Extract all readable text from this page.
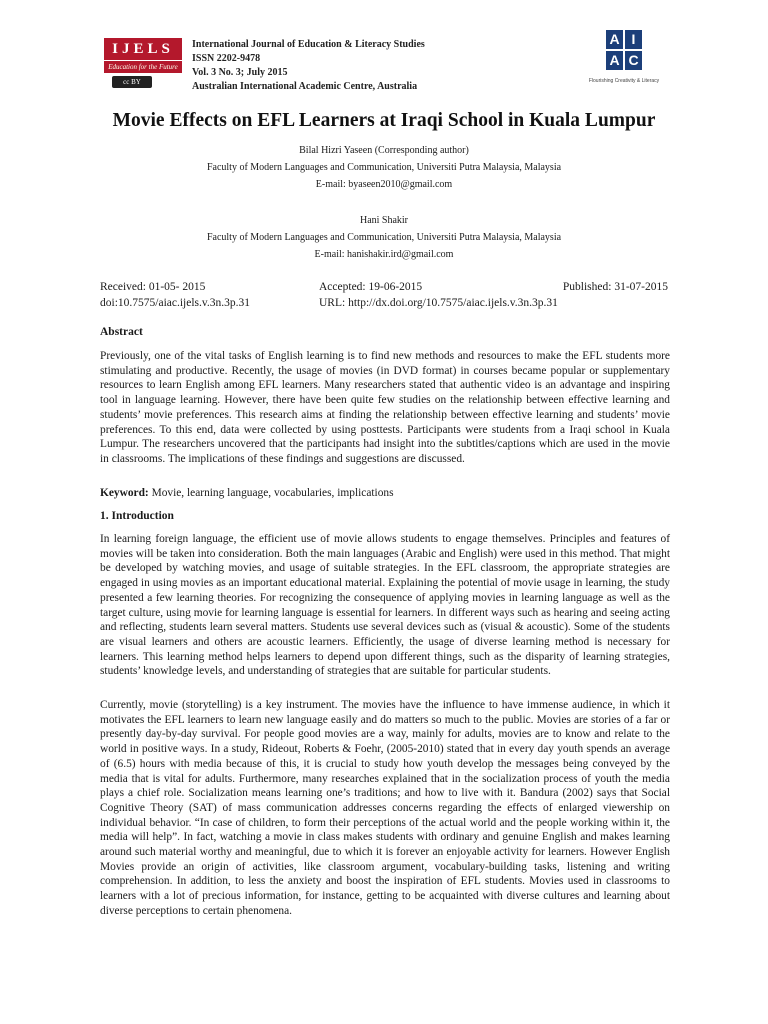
IJELS
Education for the Future
cc BY
International Journal of Education & Literacy Studies
ISSN 2202-9478
Vol. 3 No. 3; July 2015
Australian International Academic Centre, Australia
A I
A C
Flourishing Creativity & Literacy
Movie Effects on EFL Learners at Iraqi School in Kuala Lumpur
Bilal Hizri Yaseen (Corresponding author)
Faculty of Modern Languages and Communication, Universiti Putra Malaysia, Malaysia
E-mail: byaseen2010@gmail.com
Hani Shakir
Faculty of Modern Languages and Communication, Universiti Putra Malaysia, Malaysia
E-mail: hanishakir.ird@gmail.com
Received: 01-05- 2015	Accepted: 19-06-2015	Published: 31-07-2015
doi:10.7575/aiac.ijels.v.3n.3p.31	URL: http://dx.doi.org/10.7575/aiac.ijels.v.3n.3p.31
Abstract

Previously, one of the vital tasks of English learning is to find new methods and resources to make the EFL students more stimulating and productive. Recently, the usage of movies (in DVD format) in courses became popular or supplementary resources to learn English among EFL learners. Many researchers stated that authentic video is an advantage and inspiring tool in language learning. However, there have been quite few studies on the relationship between effective learning and students’ movie preferences. This research aims at finding the relationship between effective learning and students’ movie preferences. To this end, data were collected by using posttests. Participants were students from a Iraqi school in Kuala Lumpur. The researchers uncovered that the participants had insight into the subtitles/captions which are used in the movie in classrooms. The implications of these findings and suggestions are discussed.

Keyword: Movie, learning language, vocabularies, implications
1. Introduction

In learning foreign language, the efficient use of movie allows students to engage themselves. Principles and features of movies will be taken into consideration. Both the main languages (Arabic and English) were used in this method. That might be developed by watching movies, and usage of suitable strategies. In the EFL classroom, the appropriate strategies are engaged in using movies as an important educational material. Explaining the potential of movie usage in learning, the study presented a few learning theories. For recognizing the consequence of applying movies in learning language as well as the target culture, using movie for learning language is essential for learners. In different ways such as hearing and seeing acting and reflecting, students learn several matters. Students use several devices such as (visual & acoustic). Some of the students are visual learners and others are acoustic learners. Efficiently, the usage of diverse learning method is necessary for learners. This learning method helps learners to depend upon different things, such as the disparity of learning strategies, students’ knowledge levels, and understanding of strategies that are suitable for particular students.

Currently, movie (storytelling) is a key instrument. The movies have the influence to have immense audience, in which it motivates the EFL learners to learn new language easily and do matters so much to the public. Movies are stories of a far or presently day-by-day survival. For people good movies are a way, mainly for adults, movies are to know and relate to the world in positive ways. In a study, Rideout, Roberts & Foehr, (2005-2010) stated that in every day youth spends an average of (6.5) hours with media because of this, it is crucial to study how youth develop the messages being conveyed by the media that is vital for adults. Furthermore, many researches explained that in the socialization process of youth the media plays a chief role. Socialization means learning one’s traditions; and how to live with it. Bandura (2002) says that Social Cognitive Theory (SAT) of mass communication addresses concerns regarding the effects of enlarged viewership on individual behavior. “In case of children, to form their perceptions of the actual world and the people working within it, the media will help”. In fact, watching a movie in class makes students with ordinary and genuine English and makes learning around such material worthy and meaningful, due to which it is forever an enjoyable activity for learners. However English Movies provide an origin of activities, like classroom argument, vocabulary-building tasks, listening and writing comprehension. In addition, to less the anxiety and boost the inspiration of EFL students. Movies used in classrooms to learners with a lot of precious information, for instance, getting to be acquainted with diverse cultures and learning about diverse perceptions to certain phenomena.
